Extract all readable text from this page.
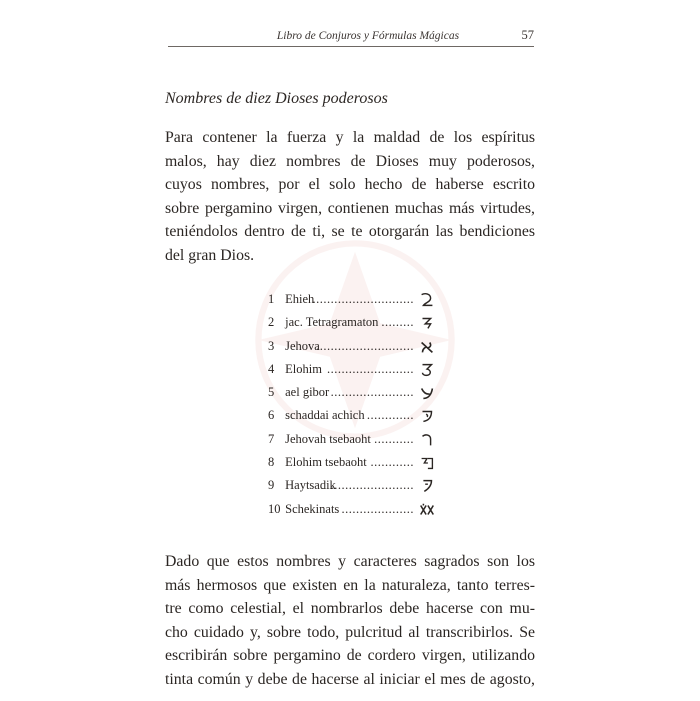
Libro de Conjuros y Fórmulas Mágicas	57
Nombres de diez Dioses poderosos

Para contener la fuerza y la maldad de los espíritus
malos, hay diez nombres de Dioses muy poderosos,
cuyos nombres, por el solo hecho de haberse escrito
sobre pergamino virgen, contienen muchas más virtudes,
teniéndolos dentro de ti, se te otorgarán las bendiciones
del gran Dios.

1 Ehieh
............................
2 jac. Tetragramaton .........
3 Jehova
...........................
4 Elohim ........................
5 ael gibor .......................
6 schaddai achich .............
7 Jehovah tsebaoht ...........
8 Elohim tsebaoht ............
9 Haytsadik
.......................
10 Schekinats ....................

Dado que estos nombres y caracteres sagrados son los
más hermosos que existen en la naturaleza, tanto terres-
tre como celestial, el nombrarlos debe hacerse con mu-
cho cuidado y, sobre todo, pulcritud al transcribirlos. Se
escribirán sobre pergamino de cordero virgen, utilizando
tinta común y debe de hacerse al iniciar el mes de agosto,
